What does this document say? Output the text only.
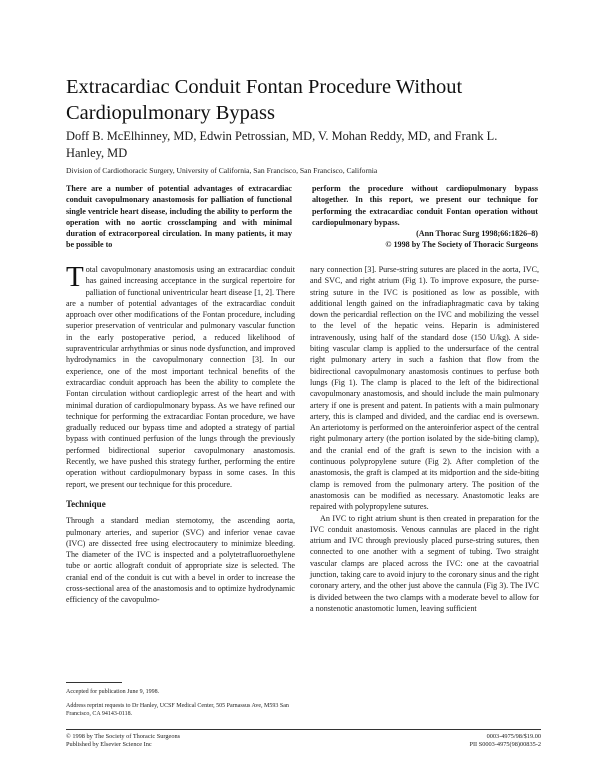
Extracardiac Conduit Fontan Procedure Without Cardiopulmonary Bypass
Doff B. McElhinney, MD, Edwin Petrossian, MD, V. Mohan Reddy, MD, and Frank L. Hanley, MD
Division of Cardiothoracic Surgery, University of California, San Francisco, San Francisco, California
There are a number of potential advantages of extracardiac conduit cavopulmonary anastomosis for palliation of functional single ventricle heart disease, including the ability to perform the operation with no aortic crossclamping and with minimal duration of extracorporeal circulation. In many patients, it may be possible to
perform the procedure without cardiopulmonary bypass altogether. In this report, we present our technique for performing the extracardiac conduit Fontan operation without cardiopulmonary bypass.
(Ann Thorac Surg 1998;66:1826–8)
© 1998 by The Society of Thoracic Surgeons

Total cavopulmonary anastomosis using an extracardiac conduit has gained increasing acceptance in the surgical repertoire for palliation of functional univentricular heart disease [1, 2]. There are a number of potential advantages of the extracardiac conduit approach over other modifications of the Fontan procedure, including superior preservation of ventricular and pulmonary vascular function in the early postoperative period, a reduced likelihood of supraventricular arrhythmias or sinus node dysfunction, and improved hydrodynamics in the cavopulmonary connection [3]. In our experience, one of the most important technical benefits of the extracardiac conduit approach has been the ability to complete the Fontan circulation without cardioplegic arrest of the heart and with minimal duration of cardiopulmonary bypass. As we have refined our technique for performing the extracardiac Fontan procedure, we have gradually reduced our bypass time and adopted a strategy of partial bypass with continued perfusion of the lungs through the previously performed bidirectional superior cavopulmonary anastomosis. Recently, we have pushed this strategy further, performing the entire operation without cardiopulmonary bypass in some cases. In this report, we present our technique for this procedure.

Technique

Through a standard median sternotomy, the ascending aorta, pulmonary arteries, and superior (SVC) and inferior venae cavae (IVC) are dissected free using electrocautery to minimize bleeding. The diameter of the IVC is inspected and a polytetrafluoroethylene tube or aortic allograft conduit of appropriate size is selected. The cranial end of the conduit is cut with a bevel in order to increase the cross-sectional area of the anastomosis and to optimize hydrodynamic efficiency of the cavopulmo-

nary connection [3]. Purse-string sutures are placed in the aorta, IVC, and SVC, and right atrium (Fig 1). To improve exposure, the purse-string suture in the IVC is positioned as low as possible, with additional length gained on the infradiaphragmatic cava by taking down the pericardial reflection on the IVC and mobilizing the vessel to the level of the hepatic veins. Heparin is administered intravenously, using half of the standard dose (150 U/kg). A side-biting vascular clamp is applied to the undersurface of the central right pulmonary artery in such a fashion that flow from the bidirectional cavopulmonary anastomosis continues to perfuse both lungs (Fig 1). The clamp is placed to the left of the bidirectional cavopulmonary anastomosis, and should include the main pulmonary artery if one is present and patent. In patients with a main pulmonary artery, this is clamped and divided, and the cardiac end is oversewn. An arteriotomy is performed on the anteroinferior aspect of the central right pulmonary artery (the portion isolated by the side-biting clamp), and the cranial end of the graft is sewn to the incision with a continuous polypropylene suture (Fig 2). After completion of the anastomosis, the graft is clamped at its midportion and the side-biting clamp is removed from the pulmonary artery. The position of the anastomosis can be modified as necessary. Anastomotic leaks are repaired with polypropylene sutures.

An IVC to right atrium shunt is then created in preparation for the IVC conduit anastomosis. Venous cannulas are placed in the right atrium and IVC through previously placed purse-string sutures, then connected to one another with a segment of tubing. Two straight vascular clamps are placed across the IVC: one at the cavoatrial junction, taking care to avoid injury to the coronary sinus and the right coronary artery, and the other just above the cannula (Fig 3). The IVC is divided between the two clamps with a moderate bevel to allow for a nonstenotic anastomotic lumen, leaving sufficient

Accepted for publication June 9, 1998.
Address reprint requests to Dr Hanley, UCSF Medical Center, 505 Parnassus Ave, M593 San Francisco, CA 94143-0118.
© 1998 by The Society of Thoracic Surgeons
Published by Elsevier Science Inc
0003-4975/98/$19.00
PII S0003-4975(98)00835-2
